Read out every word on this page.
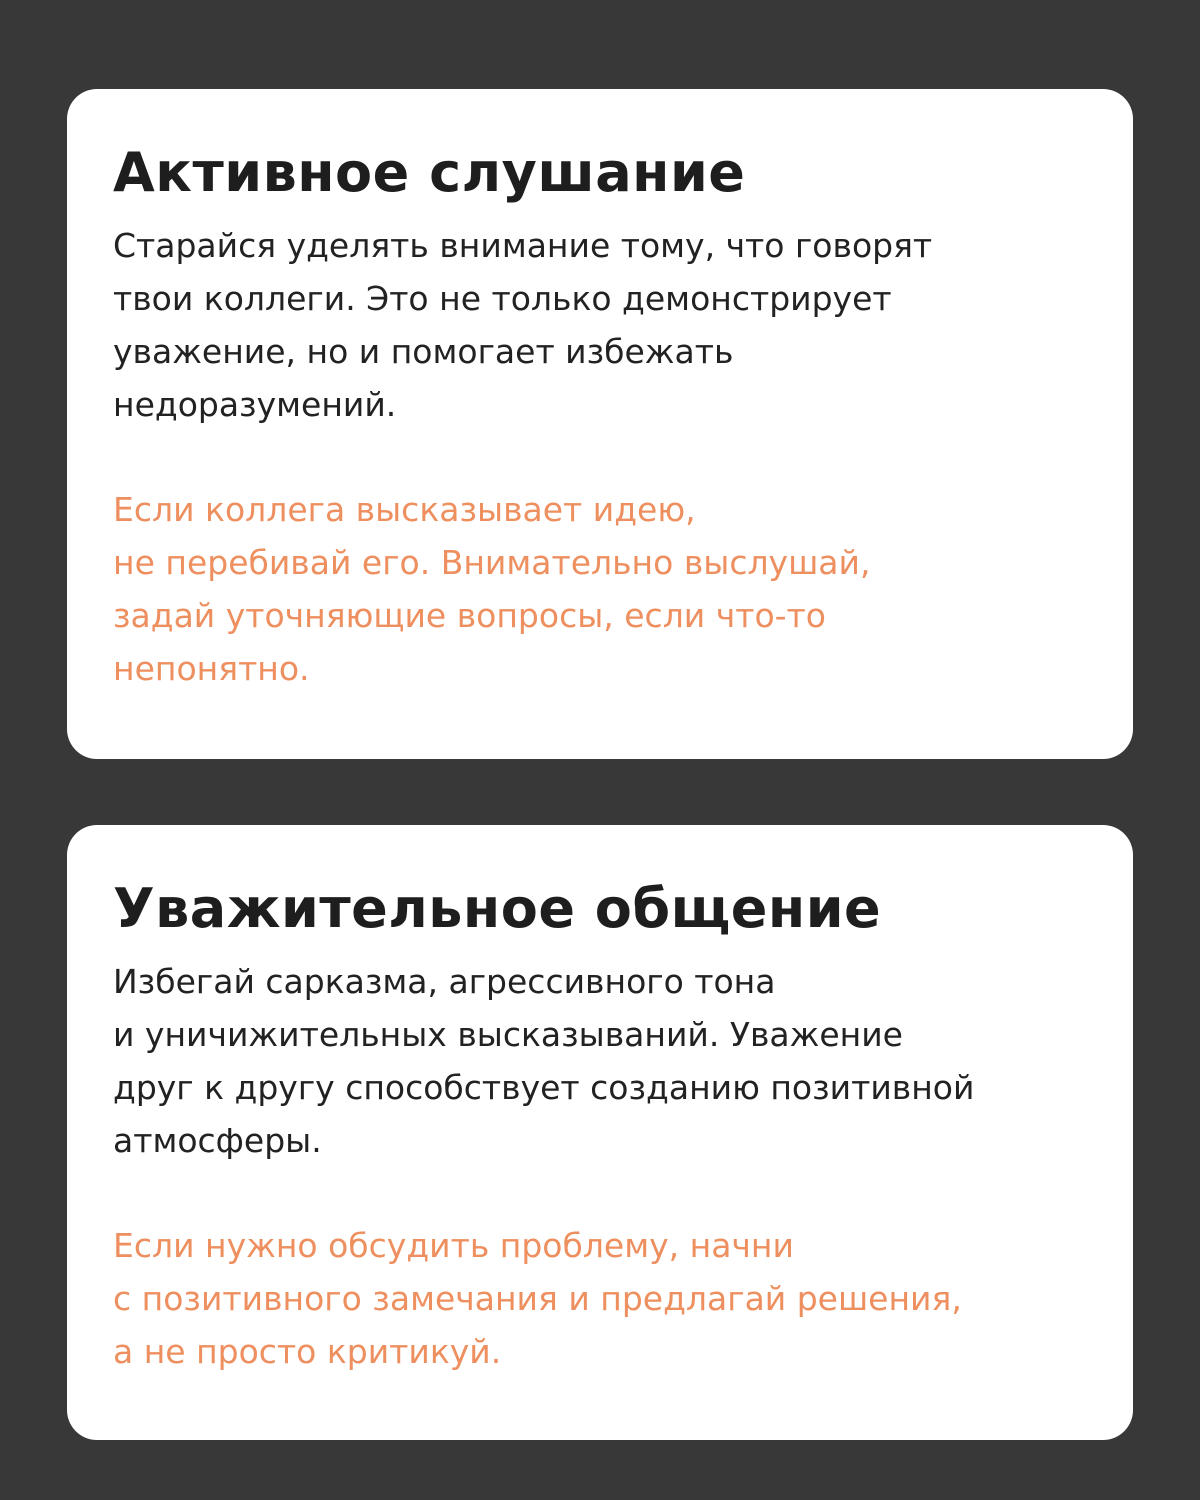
Активное слушание

Старайся уделять внимание тому, что говорят
твои коллеги. Это не только демонстрирует
уважение, но и помогает избежать
недоразумений.

Если коллега высказывает идею,
не перебивай его. Внимательно выслушай,
задай уточняющие вопросы, если что-то
непонятно.

Уважительное общение

Избегай сарказма, агрессивного тона
и уничижительных высказываний. Уважение
друг к другу способствует созданию позитивной
атмосферы.

Если нужно обсудить проблему, начни
с позитивного замечания и предлагай решения,
а не просто критикуй.
